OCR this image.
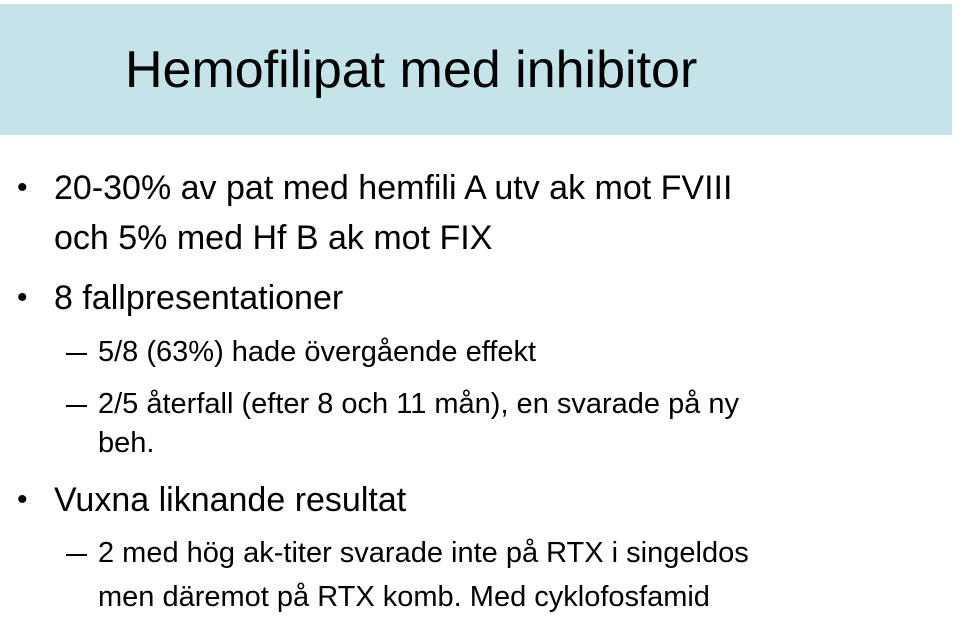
Hemofilipat med inhibitor
• 20-30% av pat med hemfili A utv ak mot FVIII
och 5% med Hf B ak mot FIX
• 8 fallpresentationer
5/8 (63%) hade övergående effekt
2/5 återfall (efter 8 och 11 mån), en svarade på ny
beh.
• Vuxna liknande resultat
2 med hög ak-titer svarade inte på RTX i singeldos
men däremot på RTX komb. Med cyklofosfamid
